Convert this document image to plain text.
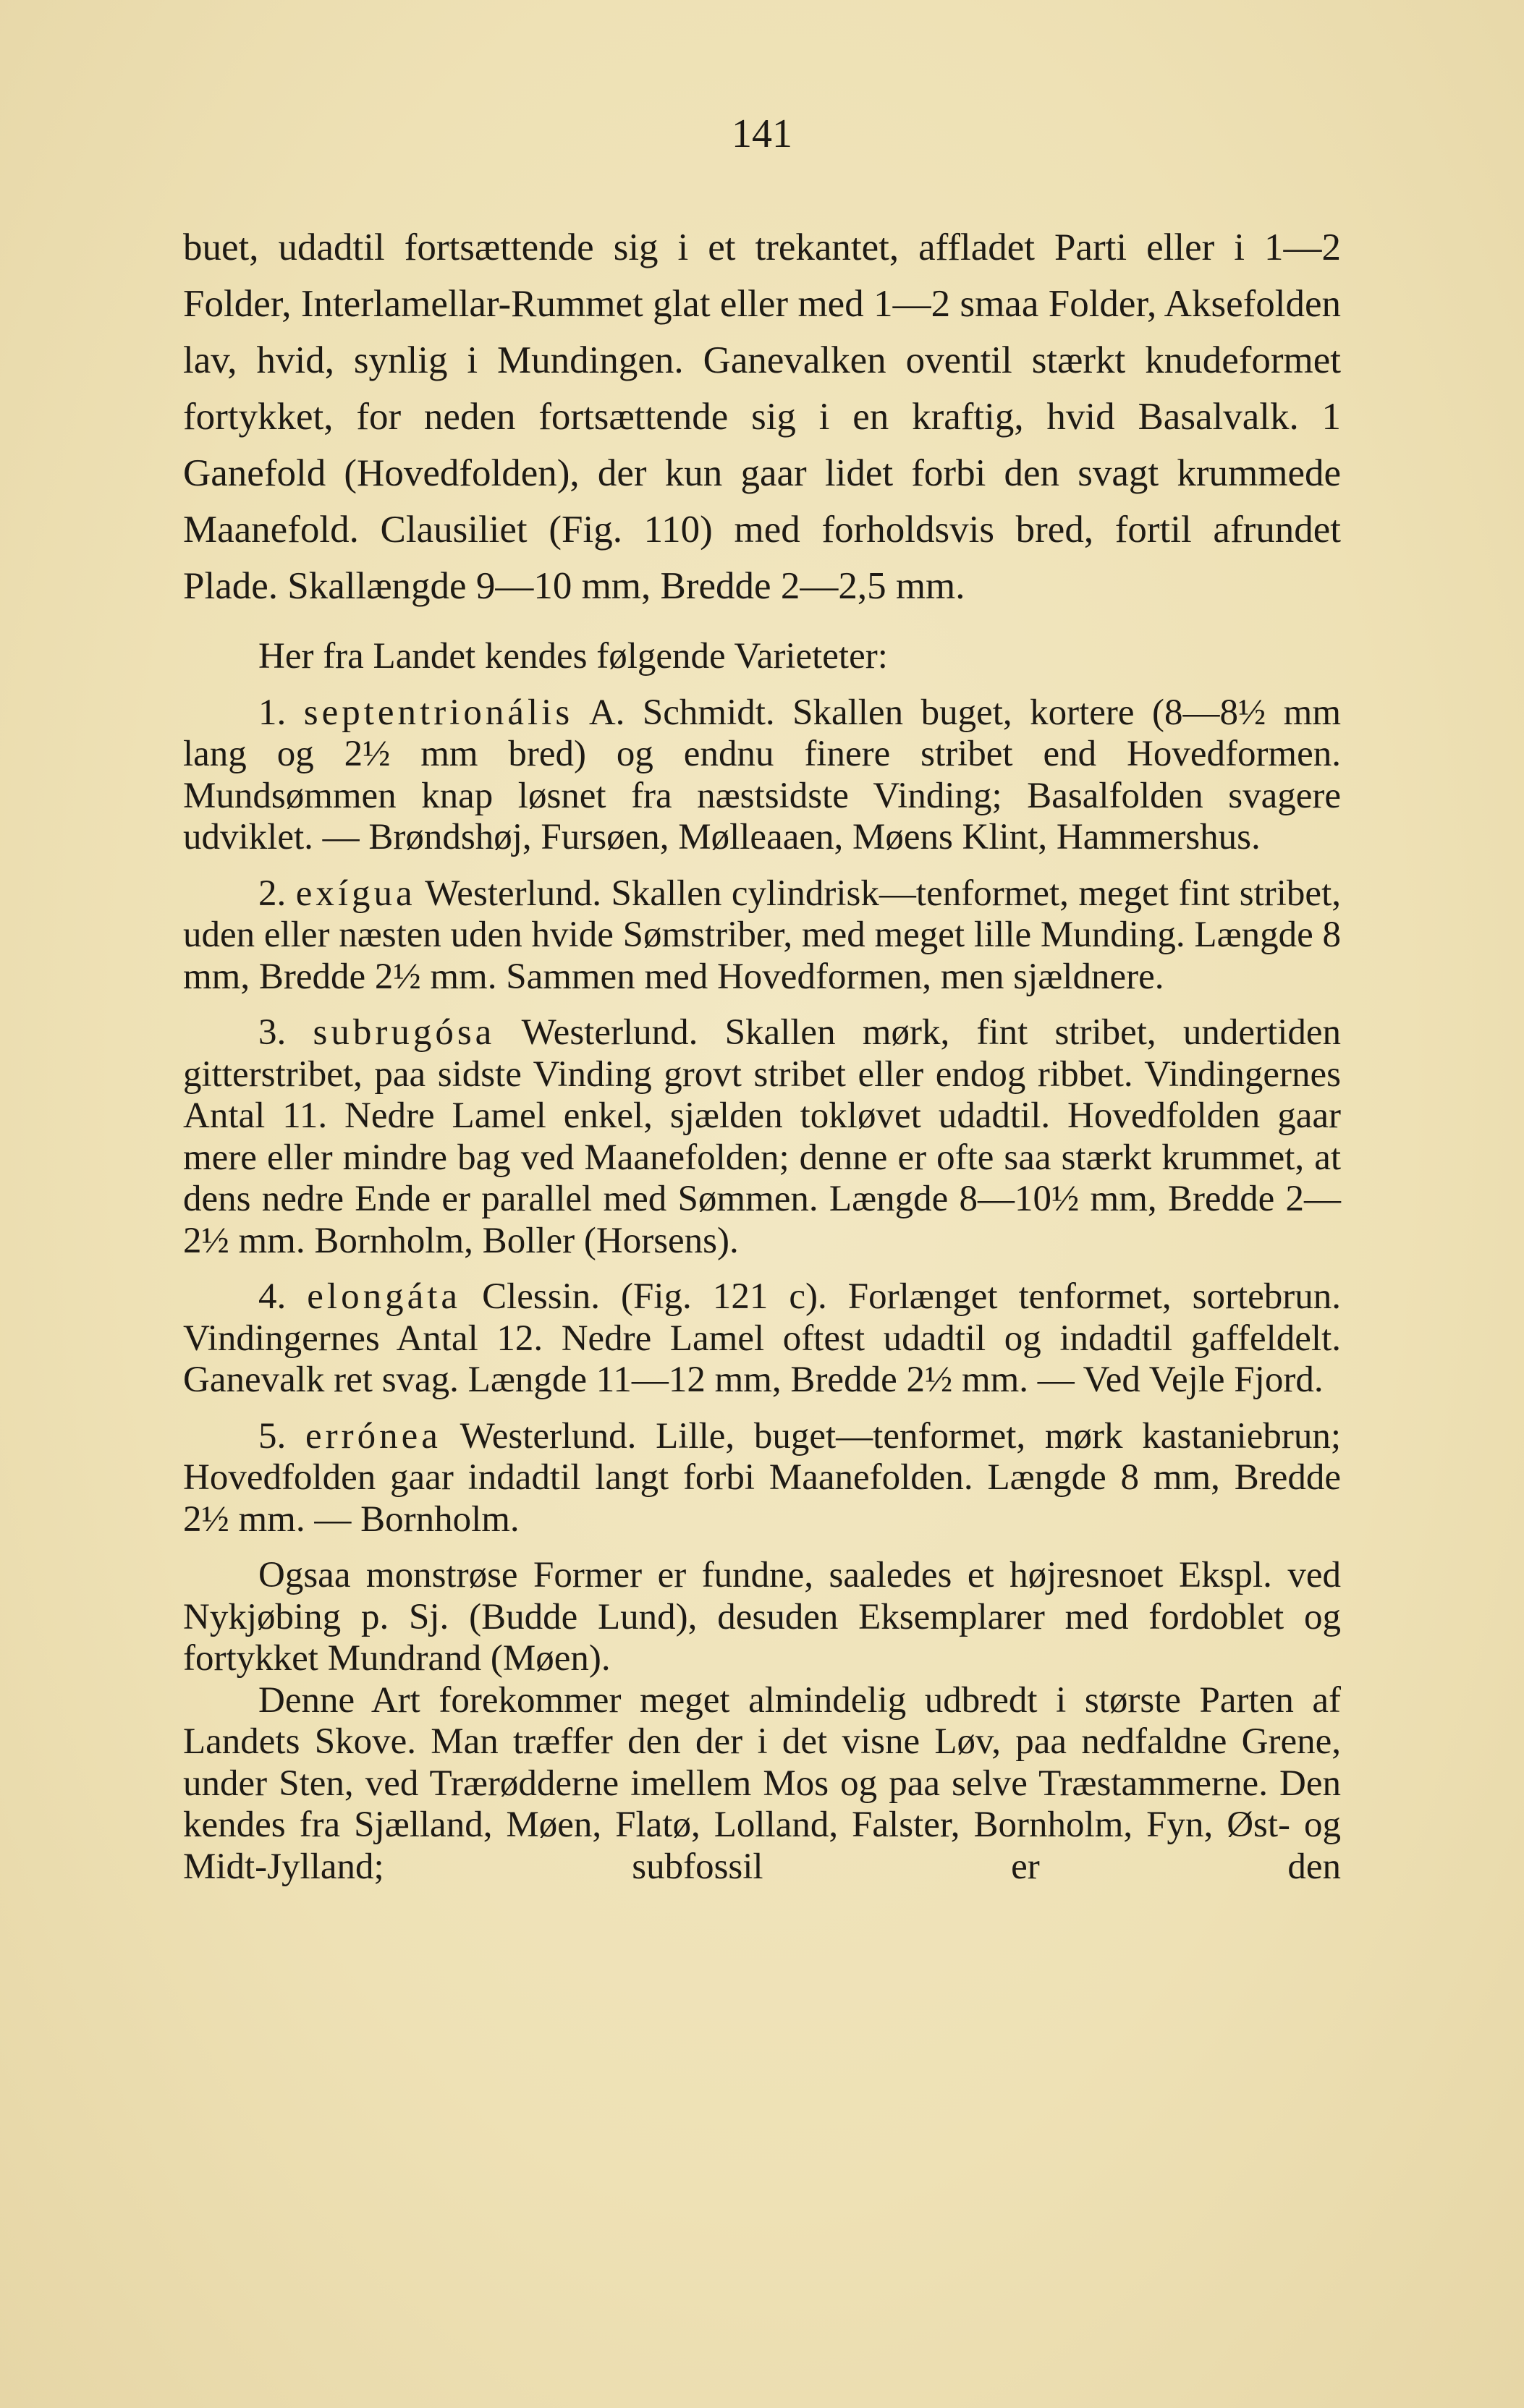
141

buet, udadtil fortsættende sig i et trekantet, affladet Parti eller i 1—2 Folder, Interlamellar-Rummet glat eller med 1—2 smaa Folder, Aksefolden lav, hvid, synlig i Mundingen. Ganevalken oventil stærkt knudeformet fortykket, for neden fortsættende sig i en kraftig, hvid Basalvalk. 1 Ganefold (Hovedfolden), der kun gaar lidet forbi den svagt krummede Maanefold. Clausiliet (Fig. 110) med forholdsvis bred, fortil afrundet Plade. Skallængde 9—10 mm, Bredde 2—2,5 mm.

Her fra Landet kendes følgende Varieteter:

1. septentrionális A. Schmidt. Skallen buget, kortere (8—8½ mm lang og 2½ mm bred) og endnu finere stribet end Hovedformen. Mundsømmen knap løsnet fra næstsidste Vinding; Basalfolden svagere udviklet. — Brøndshøj, Fursøen, Mølleaaen, Møens Klint, Hammershus.

2. exígua Westerlund. Skallen cylindrisk—tenformet, meget fint stribet, uden eller næsten uden hvide Sømstriber, med meget lille Munding. Længde 8 mm, Bredde 2½ mm. Sammen med Hovedformen, men sjældnere.

3. subrugósa Westerlund. Skallen mørk, fint stribet, undertiden gitterstribet, paa sidste Vinding grovt stribet eller endog ribbet. Vindingernes Antal 11. Nedre Lamel enkel, sjælden tokløvet udadtil. Hovedfolden gaar mere eller mindre bag ved Maanefolden; denne er ofte saa stærkt krummet, at dens nedre Ende er parallel med Sømmen. Længde 8—10½ mm, Bredde 2—2½ mm. Bornholm, Boller (Horsens).

4. elongáta Clessin. (Fig. 121 c). Forlænget tenformet, sortebrun. Vindingernes Antal 12. Nedre Lamel oftest udadtil og indadtil gaffeldelt. Ganevalk ret svag. Længde 11—12 mm, Bredde 2½ mm. — Ved Vejle Fjord.

5. errónea Westerlund. Lille, buget—tenformet, mørk kastaniebrun; Hovedfolden gaar indadtil langt forbi Maanefolden. Længde 8 mm, Bredde 2½ mm. — Bornholm.

Ogsaa monstrøse Former er fundne, saaledes et højresnoet Ekspl. ved Nykjøbing p. Sj. (Budde Lund), desuden Eksemplarer med fordoblet og fortykket Mundrand (Møen).

Denne Art forekommer meget almindelig udbredt i største Parten af Landets Skove. Man træffer den der i det visne Løv, paa nedfaldne Grene, under Sten, ved Trærødderne imellem Mos og paa selve Træstammerne. Den kendes fra Sjælland, Møen, Flatø, Lolland, Falster, Bornholm, Fyn, Øst- og Midt-Jylland; subfossil er den
